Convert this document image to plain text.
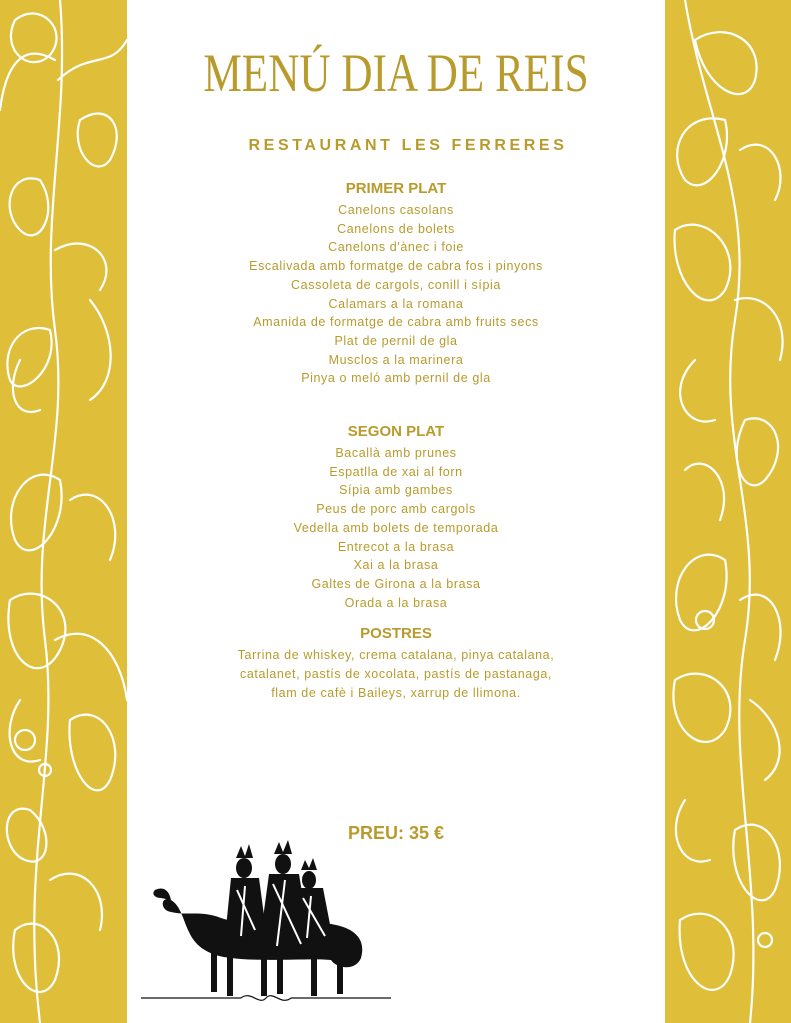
MENÚ DIA DE REIS
RESTAURANT LES FERRERES
PRIMER PLAT
Canelons casolans
Canelons de bolets
Canelons d'ànec i foie
Escalivada amb formatge de cabra fos i pinyons
Cassoleta de cargols, conill i sípia
Calamars a la romana
Amanida de formatge de cabra amb fruits secs
Plat de pernil de gla
Musclos a la marinera
Pinya o meló amb pernil de gla
SEGON PLAT
Bacallà amb prunes
Espatlla de xai al forn
Sípia amb gambes
Peus de porc amb cargols
Vedella amb bolets de temporada
Entrecot a la brasa
Xai a la brasa
Galtes de Girona a la brasa
Orada a la brasa
POSTRES
Tarrina de whiskey, crema catalana, pinya catalana, catalanet, pastís de xocolata, pastís de pastanaga, flam de cafè i Baileys, xarrup de llimona.
PREU: 35 €
